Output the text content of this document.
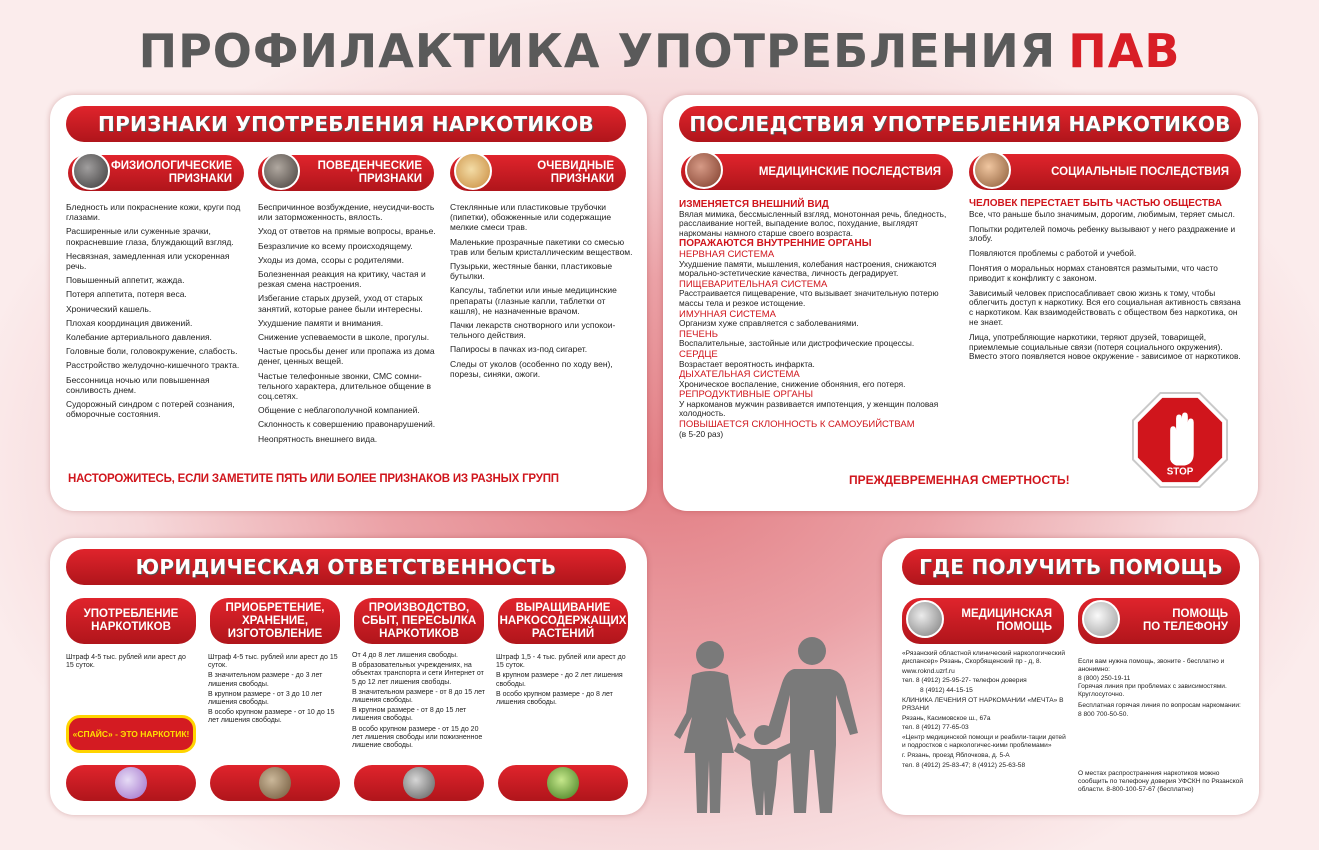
ПРОФИЛАКТИКА УПОТРЕБЛЕНИЯ ПАВ
ПРИЗНАКИ УПОТРЕБЛЕНИЯ НАРКОТИКОВ
ФИЗИОЛОГИЧЕСКИЕ
ПРИЗНАКИ
ПОВЕДЕНЧЕСКИЕ
ПРИЗНАКИ
ОЧЕВИДНЫЕ
ПРИЗНАКИ

Бледность или покраснение кожи, круги под глазами.

Расширенные или суженные зрачки, покрасневшие глаза, блуждающий взгляд.

Несвязная, замедленная или ускоренная речь.

Повышенный аппетит, жажда.

Потеря аппетита, потеря веса.

Хронический кашель.

Плохая координация движений.

Колебание артериального давления.

Головные боли, головокружение, слабость.

Расстройство желудочно-кишечного тракта.

Бессонница ночью или повышенная сонливость днем.

Судорожный синдром с потерей сознания, обморочные состояния.

Беспричинное возбуждение, неусидчи-вость или заторможенность, вялость.

Уход от ответов на прямые вопросы, вранье.

Безразличие ко всему происходящему.

Уходы из дома, ссоры с родителями.

Болезненная реакция на критику, частая и резкая смена настроения.

Избегание старых друзей, уход от старых занятий, которые ранее были интересны.

Ухудшение памяти и внимания.

Снижение успеваемости в школе, прогулы.

Частые просьбы денег или пропажа из дома денег, ценных вещей.

Частые телефонные звонки, СМС сомни-тельного характера, длительное общение в соц.сетях.

Общение с неблагополучной компанией.

Склонность к совершению правонарушений.

Неопрятность внешнего вида.

Стеклянные или пластиковые трубочки (пипетки), обожженные или содержащие мелкие смеси трав.

Маленькие прозрачные пакетики со смесью трав или белым кристаллическим веществом.

Пузырьки, жестяные банки, пластиковые бутылки.

Капсулы, таблетки или иные медицинские препараты (глазные капли, таблетки от кашля), не назначенные врачом.

Пачки лекарств снотворного или успокои-тельного действия.

Папиросы в пачках из-под сигарет.

Следы от уколов (особенно по ходу вен), порезы, синяки, ожоги.

НАСТОРОЖИТЕСЬ, ЕСЛИ ЗАМЕТИТЕ ПЯТЬ ИЛИ БОЛЕЕ ПРИЗНАКОВ ИЗ РАЗНЫХ ГРУПП
ПОСЛЕДСТВИЯ УПОТРЕБЛЕНИЯ НАРКОТИКОВ
МЕДИЦИНСКИЕ ПОСЛЕДСТВИЯ	СОЦИАЛЬНЫЕ ПОСЛЕДСТВИЯ
ИЗМЕНЯЕТСЯ ВНЕШНИЙ ВИД

Вялая мимика, бессмысленный взгляд, монотонная речь, бледность, расслаивание ногтей, выпадение волос, похудание, выглядят наркоманы намного старше своего возраста.

ПОРАЖАЮТСЯ ВНУТРЕННИЕ ОРГАНЫ
НЕРВНАЯ СИСТЕМА

Ухудшение памяти, мышления, колебания настроения, снижаются морально-эстетические качества, личность деградирует.

ПИЩЕВАРИТЕЛЬНАЯ СИСТЕМА

Расстраивается пищеварение, что вызывает значительную потерю массы тела и резкое истощение.

ИМУННАЯ СИСТЕМА

Организм хуже справляется с заболеваниями.

ПЕЧЕНЬ

Воспалительные, застойные или дистрофические процессы.

СЕРДЦЕ

Возрастает вероятность инфаркта.

ДЫХАТЕЛЬНАЯ СИСТЕМА

Хроническое воспаление, снижение обоняния, его потеря.

РЕПРОДУКТИВНЫЕ ОРГАНЫ

У наркоманов мужчин развивается импотенция, у женщин половая холодность.

ПОВЫШАЕТСЯ СКЛОННОСТЬ К САМОУБИЙСТВАМ

(в 5-20 раз)

ЧЕЛОВЕК ПЕРЕСТАЕТ БЫТЬ ЧАСТЬЮ ОБЩЕСТВА

Все, что раньше было значимым, дорогим, любимым, теряет смысл.

Попытки родителей помочь ребенку вызывают у него раздражение и злобу.

Появляются проблемы с работой и учебой.

Понятия о моральных нормах становятся размытыми, что часто приводит к конфликту с законом.

Зависимый человек приспосабливает свою жизнь к тому, чтобы облегчить доступ к наркотику. Вся его социальная активность связана с наркотиком. Как взаимодействовать с обществом без наркотика, он не знает.

Лица, употребляющие наркотики, теряют друзей, товарищей, приемлемые социальные связи (потеря социального окружения). Вместо этого появляется новое окружение - зависимое от наркотиков.

STOP
ПРЕЖДЕВРЕМЕННАЯ СМЕРТНОСТЬ!
ЮРИДИЧЕСКАЯ ОТВЕТСТВЕННОСТЬ
УПОТРЕБЛЕНИЕ
НАРКОТИКОВ
ПРИОБРЕТЕНИЕ,
ХРАНЕНИЕ,
ИЗГОТОВЛЕНИЕ
ПРОИЗВОДСТВО,
СБЫТ, ПЕРЕСЫЛКА
НАРКОТИКОВ
ВЫРАЩИВАНИЕ
НАРКОСОДЕРЖАЩИХ
РАСТЕНИЙ

Штраф 4-5 тыс. рублей или арест до 15 суток.

Штраф 4-5 тыс. рублей или арест до 15 суток.

В значительном размере - до 3 лет лишения свободы.

В крупном размере - от 3 до 10 лет лишения свободы.

В особо крупном размере - от 10 до 15 лет лишения свободы.

От 4 до 8 лет лишения свободы.

В образовательных учреждениях, на объектах транспорта и сети Интернет от 5 до 12 лет лишения свободы.

В значительном размере - от 8 до 15 лет лишения свободы.

В крупном размере - от 8 до 15 лет лишения свободы.

В особо крупном размере - от 15 до 20 лет лишения свободы или пожизненное лишение свободы.

Штраф 1,5 - 4 тыс. рублей или арест до 15 суток.

В крупном размере - до 2 лет лишения свободы.

В особо крупном размере - до 8 лет лишения свободы.

«СПАЙС» - ЭТО НАРКОТИК!
ГДЕ ПОЛУЧИТЬ ПОМОЩЬ
МЕДИЦИНСКАЯ
ПОМОЩЬ
ПОМОЩЬ
ПО ТЕЛЕФОНУ

«Рязанский областной клинический наркологический диспансер» Рязань, Скорбященский пр - д, 8.

www.roknd.uzrf.ru

тел. 8 (4912) 25-95-27- телефон доверия

8 (4912) 44-15-15

КЛИНИКА ЛЕЧЕНИЯ ОТ НАРКОМАНИИ «МЕЧТА» В РЯЗАНИ

Рязань, Касимовское ш., 67а

тел. 8 (4912) 77-65-03

«Центр медицинской помощи и реабили-тации детей и подростков с наркологичес-кими проблемами»

г. Рязань, проезд Яблочкова, д. 5-А

тел. 8 (4912) 25-83-47; 8 (4912) 25-63-58

Если вам нужна помощь, звоните - бесплатно и анонимно:

8 (800) 250-19-11

Горячая линия при проблемах с зависимостями. Круглосуточно.

Бесплатная горячая линия по вопросам наркомании:

8 800 700-50-50.

О местах распространения наркотиков можно сообщить по телефону доверия УФСКН по Рязанской области. 8-800-100-57-67 (бесплатно)
